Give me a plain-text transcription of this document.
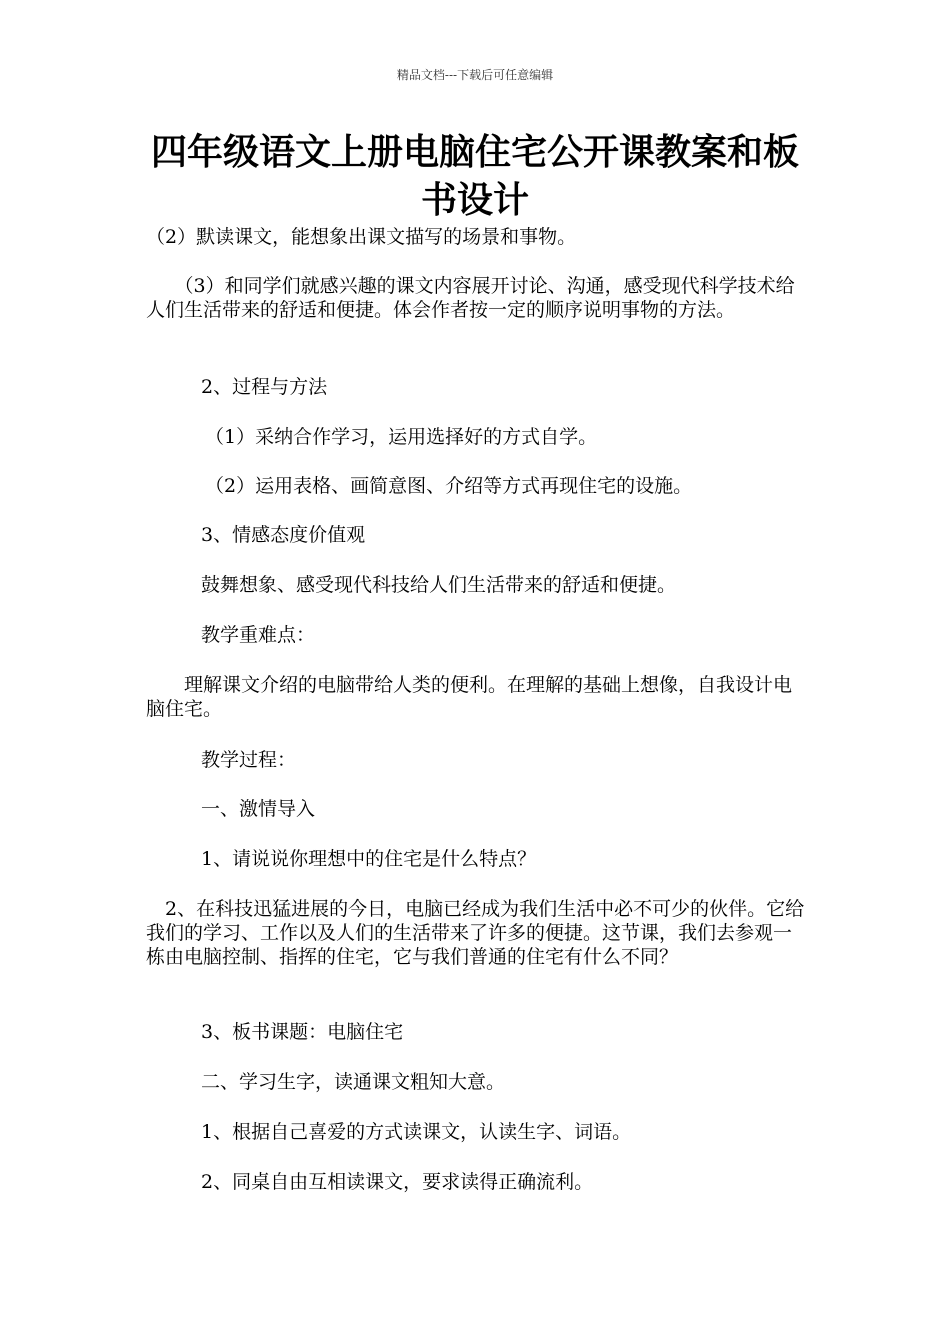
精品文档---下载后可任意编辑
四年级语文上册电脑住宅公开课教案和板书设计

（2）默读课文，能想象出课文描写的场景和事物。

　　（3）和同学们就感兴趣的课文内容展开讨论、沟通，感受现代科学技术给人们生活带来的舒适和便捷。体会作者按一定的顺序说明事物的方法。

2、过程与方法

（1）采纳合作学习，运用选择好的方式自学。

（2）运用表格、画简意图、介绍等方式再现住宅的设施。

3、情感态度价值观

鼓舞想象、感受现代科技给人们生活带来的舒适和便捷。

教学重难点：

　　理解课文介绍的电脑带给人类的便利。在理解的基础上想像，自我设计电脑住宅。

教学过程：

一、激情导入

1、请说说你理想中的住宅是什么特点？

　2、在科技迅猛进展的今日，电脑已经成为我们生活中必不可少的伙伴。它给我们的学习、工作以及人们的生活带来了许多的便捷。这节课，我们去参观一栋由电脑控制、指挥的住宅，它与我们普通的住宅有什么不同？

3、板书课题：电脑住宅

二、学习生字，读通课文粗知大意。

1、根据自己喜爱的方式读课文，认读生字、词语。

2、同桌自由互相读课文，要求读得正确流利。
